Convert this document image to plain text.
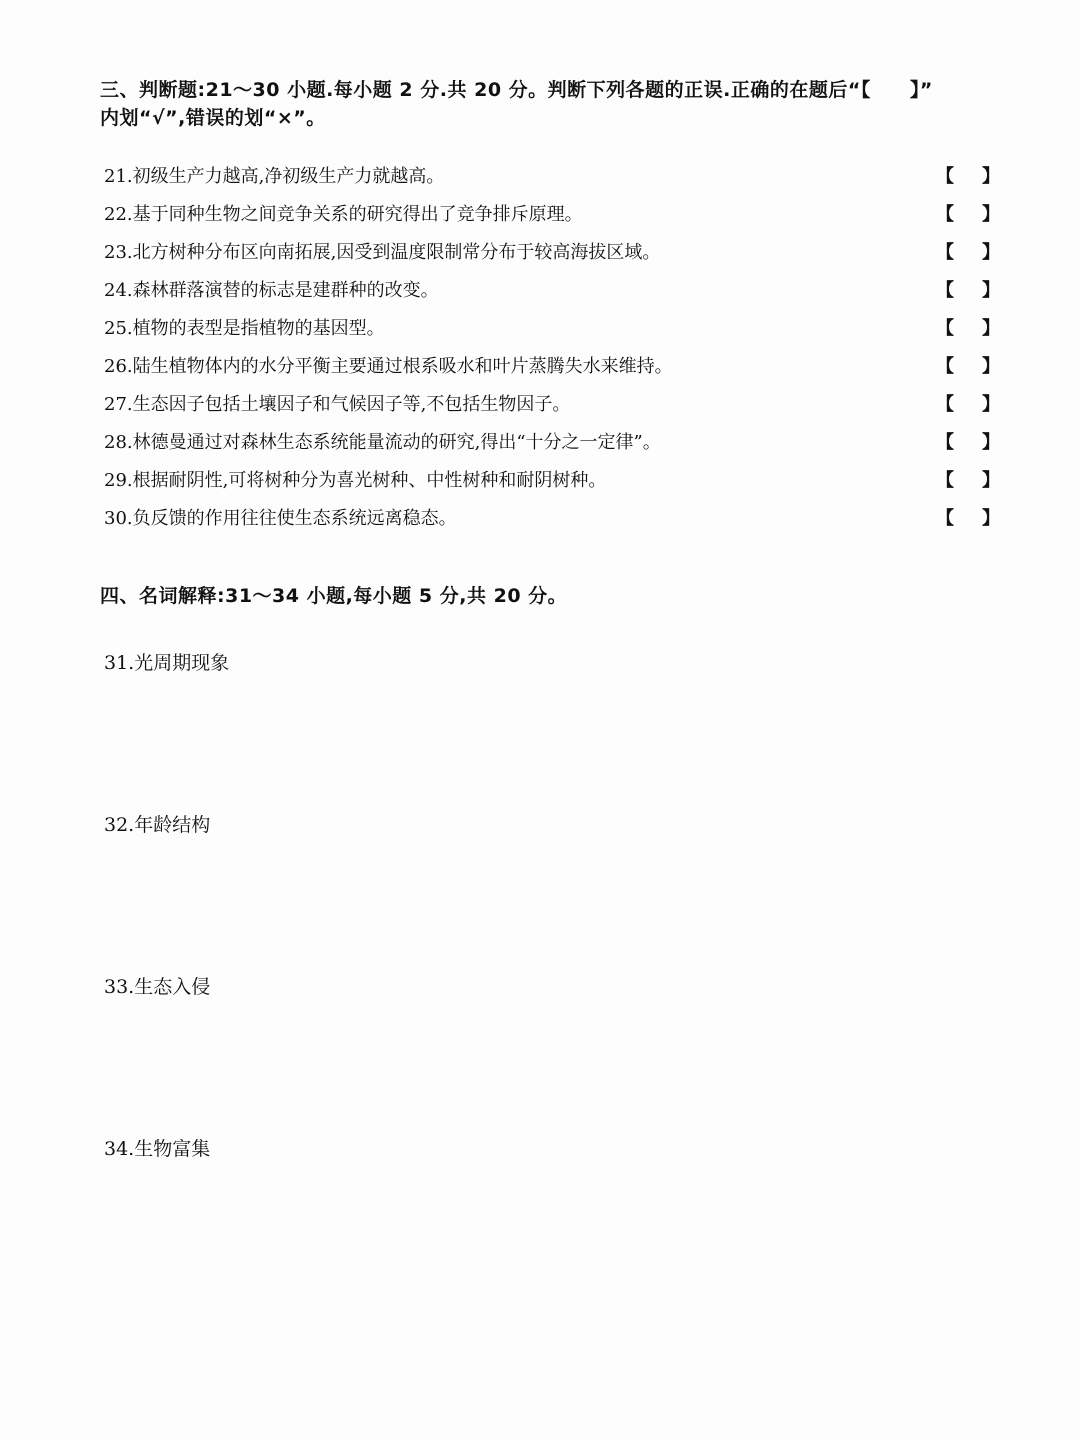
三、判断题:21～30 小题.每小题 2 分.共 20 分。判断下列各题的正误.正确的在题后“【　　】”
内划“√”,错误的划“×”。
21.初级生产力越高,净初级生产力就越高。	【 】
22.基于同种生物之间竞争关系的研究得出了竞争排斥原理。	【 】
23.北方树种分布区向南拓展,因受到温度限制常分布于较高海拔区域。	【 】
24.森林群落演替的标志是建群种的改变。	【 】
25.植物的表型是指植物的基因型。	【 】
26.陆生植物体内的水分平衡主要通过根系吸水和叶片蒸腾失水来维持。	【 】
27.生态因子包括土壤因子和气候因子等,不包括生物因子。	【 】
28.林德曼通过对森林生态系统能量流动的研究,得出“十分之一定律”。	【 】
29.根据耐阴性,可将树种分为喜光树种、中性树种和耐阴树种。	【 】
30.负反馈的作用往往使生态系统远离稳态。	【 】
四、名词解释:31～34 小题,每小题 5 分,共 20 分。
31.光周期现象
32.年龄结构
33.生态入侵
34.生物富集
